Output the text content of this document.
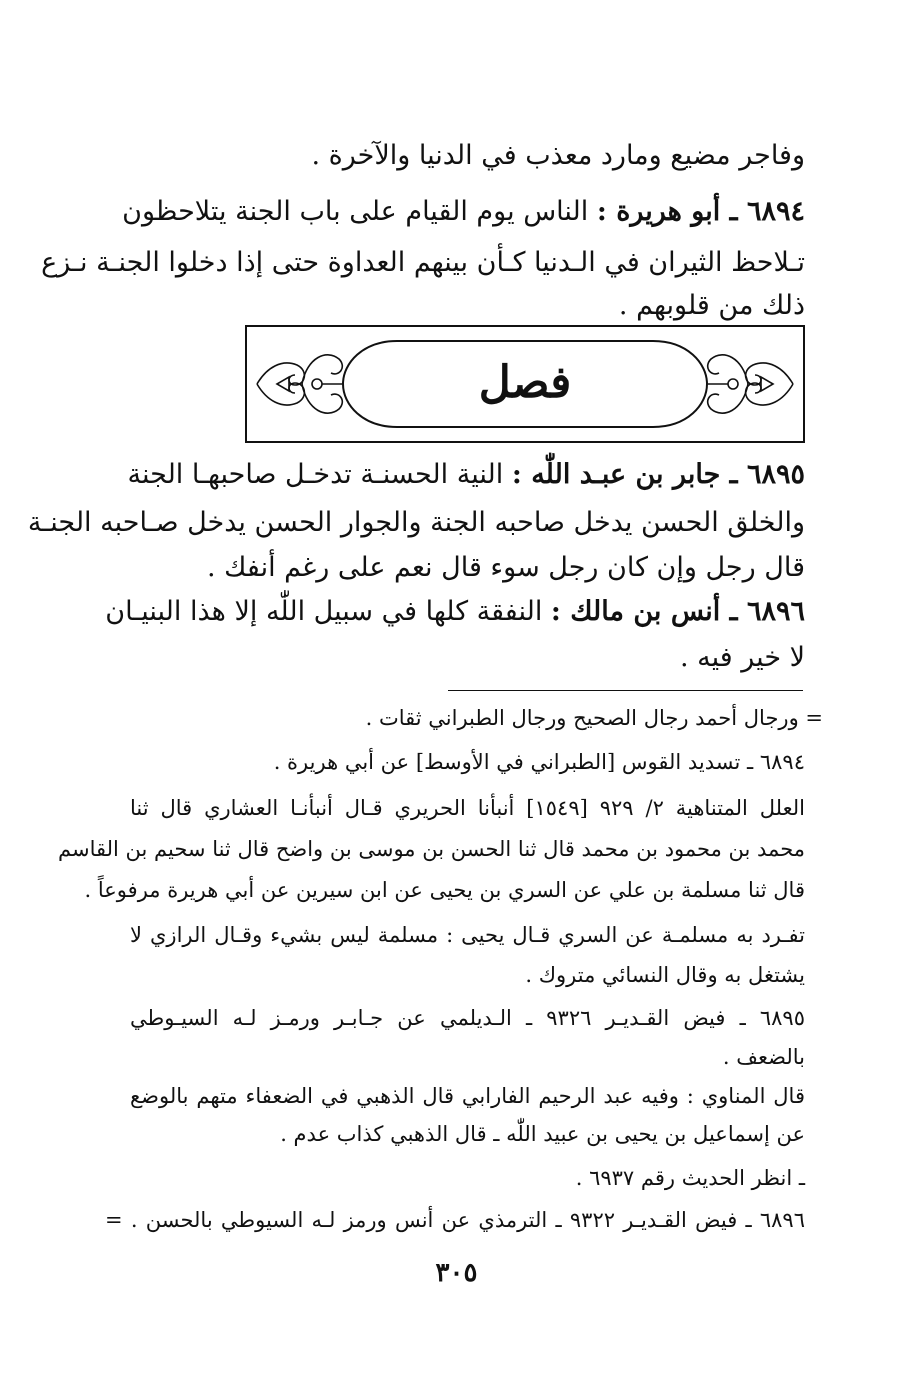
وفاجر مضيع ومارد معذب في الدنيا والآخرة .
٦٨٩٤ ـ أبو هريرة : الناس يوم القيام على باب الجنة يتلاحظون
تـلاحظ الثيران في الـدنيا كـأن بينهم العداوة حتى إذا دخلوا الجنـة نـزع
ذلك من قلوبهم .
فصل
٦٨٩٥ ـ جابر بن عبـد اللّٰه : النية الحسنـة تدخـل صاحبهـا الجنة
والخلق الحسن يدخل صاحبه الجنة والجوار الحسن يدخل صـاحبه الجنـة
قال رجل وإن كان رجل سوء قال نعم على رغم أنفك .
٦٨٩٦ ـ أنس بن مالك : النفقة كلها في سبيل اللّٰه إلا هذا البنيـان
لا خير فيه .
= ورجال أحمد رجال الصحيح ورجال الطبراني ثقات .
٦٨٩٤ ـ تسديد القوس [الطبراني في الأوسط] عن أبي هريرة .
العلل المتناهية ٢/ ٩٢٩ [١٥٤٩] أنبأنا الحريري قـال أنبأنـا العشاري قال ثنا
محمد بن محمود بن محمد قال ثنا الحسن بن موسى بن واضح قال ثنا سحيم بن القاسم
قال ثنا مسلمة بن علي عن السري بن يحيى عن ابن سيرين عن أبي هريرة مرفوعاً .
تفـرد به مسلمـة عن السري قـال يحيى : مسلمة ليس بشيء وقـال الرازي لا
يشتغل به وقال النسائي متروك .
٦٨٩٥ ـ فيض القـديـر ٩٣٢٦ ـ الـديلمي عن جـابـر ورمـز لـه السيـوطي
بالضعف .
قال المناوي : وفيه عبد الرحيم الفارابي قال الذهبي في الضعفاء متهم بالوضع
عن إسماعيل بن يحيى بن عبيد اللّٰه ـ قال الذهبي كذاب عدم .
ـ انظر الحديث رقم ٦٩٣٧ .
٦٨٩٦ ـ فيض القـديـر ٩٣٢٢ ـ الترمذي عن أنس ورمز لـه السيوطي بالحسن . =
٣٠٥
